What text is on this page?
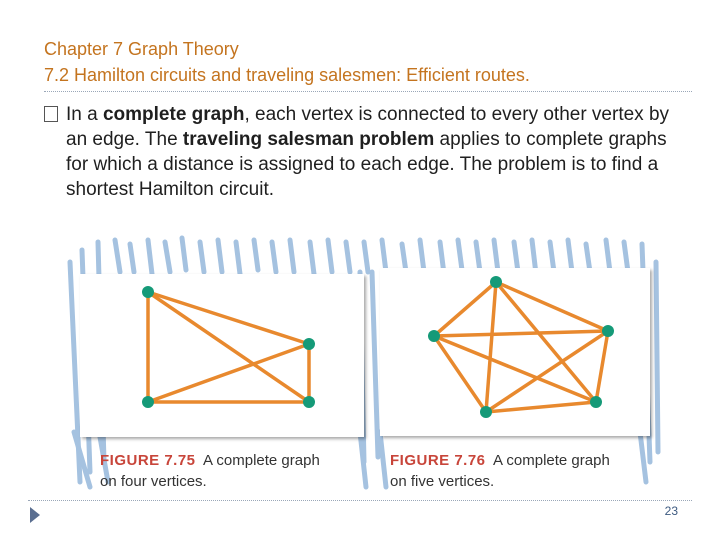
Chapter 7 Graph Theory
7.2 Hamilton circuits and traveling salesmen: Efficient routes.
In a complete graph, each vertex is connected to every other vertex by an edge. The traveling salesman problem applies to complete graphs for which a distance is assigned to each edge. The problem is to find a shortest Hamilton circuit.
FIGURE 7.75 A complete graph
on four vertices.
FIGURE 7.76 A complete graph
on five vertices.
23
